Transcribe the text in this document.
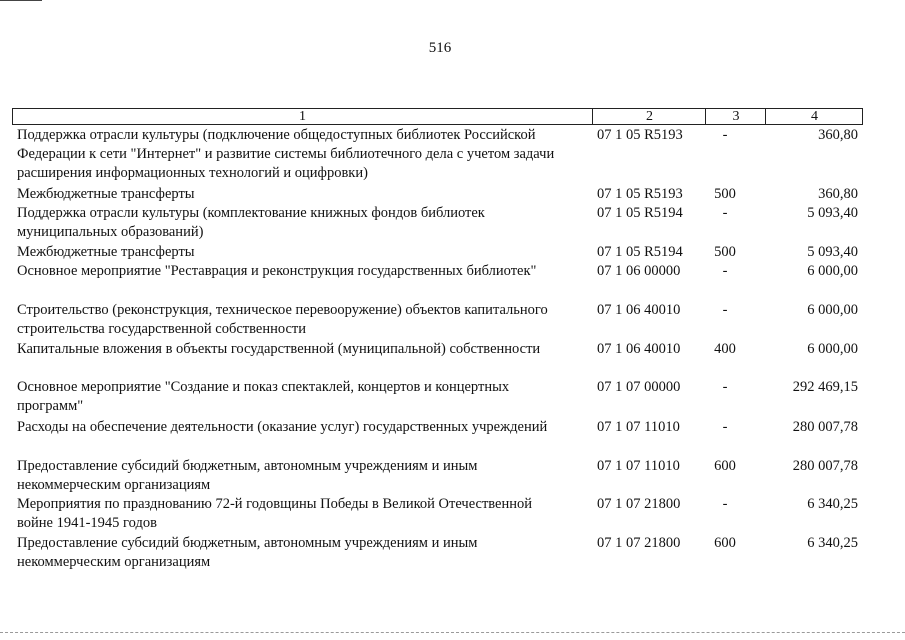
516
1	2	3	4
Поддержка отрасли культуры (подключение общедоступных библиотек Российской
Федерации к сети "Интернет" и развитие системы библиотечного дела с учетом задачи
расширения информационных технологий и оцифровки)
07 1 05 R5193	-	360,80
Межбюджетные трансферты	07 1 05 R5193	500	360,80
Поддержка отрасли культуры (комплектование книжных фондов библиотек
муниципальных образований)
07 1 05 R5194	-	5 093,40
Межбюджетные трансферты	07 1 05 R5194	500	5 093,40
Основное мероприятие "Реставрация и реконструкция государственных библиотек"	07 1 06 00000	-	6 000,00
Строительство (реконструкция, техническое перевооружение) объектов капитального
строительства государственной собственности
07 1 06 40010	-	6 000,00
Капитальные вложения в объекты государственной (муниципальной) собственности	07 1 06 40010	400	6 000,00
Основное мероприятие "Создание и показ спектаклей, концертов и концертных
программ"
07 1 07 00000	-	292 469,15
Расходы на обеспечение деятельности (оказание услуг) государственных учреждений	07 1 07 11010	-	280 007,78
Предоставление субсидий бюджетным, автономным учреждениям и иным
некоммерческим организациям
07 1 07 11010	600	280 007,78
Мероприятия по празднованию 72-й годовщины Победы в Великой Отечественной
войне 1941-1945 годов
07 1 07 21800	-	6 340,25
Предоставление субсидий бюджетным, автономным учреждениям и иным
некоммерческим организациям
07 1 07 21800	600	6 340,25
